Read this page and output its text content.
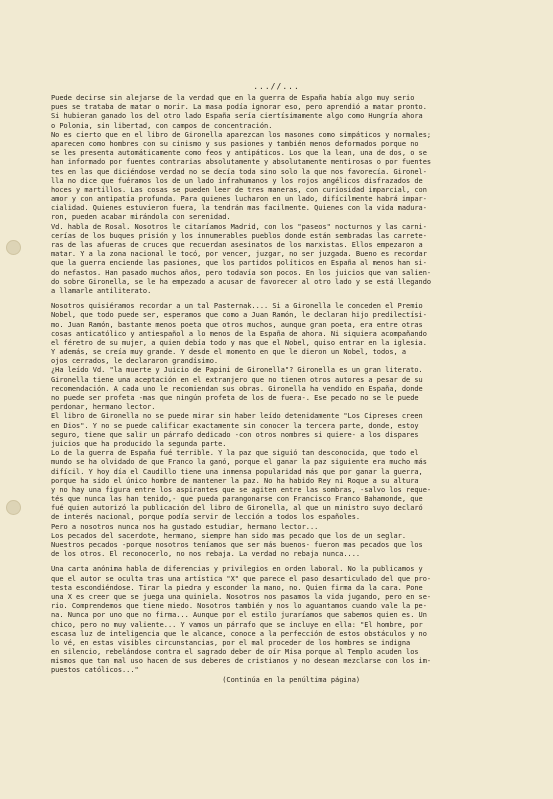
...//...
Puede decirse sin alejarse de la verdad que en la guerra de España había algo muy serio
pues se trataba de matar o morir. La masa podía ignorar eso, pero aprendió a matar pronto.
Si hubieran ganado los del otro lado España sería ciertísimamente algo como Hungría ahora
o Polonia, sin libertad, con campos de concentración.
No es cierto que en el libro de Gironella aparezcan los masones como simpáticos y normales;
aparecen como hombres con su cinismo y sus pasiones y también menos deformados porque no
se les presenta automáticamente como feos y antipáticos. Los que la lean, una de dos, o se
han informado por fuentes contrarias absolutamente y absolutamente mentirosas o por fuentes
tes en las que diciéndose verdad no se decía toda sino solo la que nos favorecía. Gironel-
lla no dice que fuéramos los de un lado infrahumanos y los rojos angélicos disfrazados de
hoces y martillos. Las cosas se pueden leer de tres maneras, con curiosidad imparcial, con
amor y con antipatía profunda. Para quienes lucharon en un lado, difícilmente habrá impar-
cialidad. Quienes estuvieron fuera, la tendrán mas facilmente. Quienes con la vida madura-
ron, pueden acabar mirándola con serenidad.
Vd. habla de Rosal. Nosotros le citaríamos Madrid, con los "paseos" nocturnos y las carni-
cerías de los buques prisión y los innumerables pueblos donde están sembradas las carrete-
ras de las afueras de cruces que recuerdan asesinatos de los marxistas. Ellos empezaron a
matar. Y a la zona nacional le tocó, por vencer, juzgar, no ser juzgada. Bueno es recordar
que la guerra enciende las pasiones, que los partidos políticos en España al menos han si-
do nefastos. Han pasado muchos años, pero todavía son pocos. En los juicios que van salien-
do sobre Gironella, se le ha empezado a acusar de favorecer al otro lado y se está llegando
a llamarle antiliterato.
Nosotros quisiéramos recordar a un tal Pasternak.... Si a Gironella le conceden el Premio
Nobel, que todo puede ser, esperamos que como a Juan Ramón, le declaran hijo predilectísi-
mo. Juan Ramón, bastante menos poeta que otros muchos, aunque gran poeta, era entre otras
cosas anticatólico y antiespañol a lo menos de la España de ahora. Ni siquiera acompañando
el féretro de su mujer, a quien debía todo y mas que el Nobel, quiso entrar en la iglesia.
Y además, se creía muy grande. Y desde el momento en que le dieron un Nobel, todos, a
ojos cerrados, le declararon grandísimo.
¿Ha leído Vd. "la muerte y Juicio de Papini de Gironella"? Gironella es un gran literato.
Gironella tiene una aceptación en el extranjero que no tienen otros autores a pesar de su
recomendación. A cada uno le recomiendan sus obras. Gironella ha vendido en España, donde
no puede ser profeta -mas que ningún profeta de los de fuera-. Ese pecado no se le puede
perdonar, hermano lector.
El libro de Gironella no se puede mirar sin haber leído detenidamente "Los Cipreses creen
en Dios". Y no se puede calificar exactamente sin conocer la tercera parte, donde, estoy
seguro, tiene que salir un párrafo dedicado -con otros nombres si quiere- a los dispares
juicios que ha producido la segunda parte.
Lo de la guerra de España fué terrible. Y la paz que siguió tan desconocida, que todo el
mundo se ha olvidado de que Franco la ganó, porque el ganar la paz siguiente era mucho más
difícil. Y hoy día el Caudillo tiene una inmensa popularidad más que por ganar la guerra,
porque ha sido el único hombre de mantener la paz. No ha habido Rey ni Roque a su altura
y no hay una figura entre los aspirantes que se agiten entre las sombras, -salvo los reque-
tés que nunca las han tenido,- que pueda parangonarse con Francisco Franco Bahamonde, que
fué quien autorizó la publicación del libro de Gironella, al que un ministro suyo declaró
de interés nacional, porque podía servir de lección a todos los españoles.
Pero a nosotros nunca nos ha gustado estudiar, hermano lector...
Los pecados del sacerdote, hermano, siempre han sido mas pecado que los de un seglar.
Nuestros pecados -porque nosotros teníamos que ser más buenos- fueron mas pecados que los
de los otros. El reconocerlo, no nos rebaja. La verdad no rebaja nunca....
Una carta anónima habla de diferencias y privilegios en orden laboral. No la publicamos y
que el autor se oculta tras una artística "X" que parece el paso desarticulado del que pro-
testa escondiéndose. Tirar la piedra y esconder la mano, no. Quien firma da la cara. Pone
una X es creer que se juega una quiniela. Nosotros nos pasamos la vida jugando, pero en se-
rio. Comprendemos que tiene miedo. Nosotros también y nos lo aguantamos cuando vale la pe-
na. Nunca por uno que no firma... Aunque por el estilo juraríamos que sabemos quien es. Un
chico, pero no muy valiente... Y vamos un párrafo que se incluye en ella: "El hombre, por
escasa luz de inteligencia que le alcance, conoce a la perfección de estos obstáculos y no
lo vé, en estas visibles circunstancias, por el mal proceder de los hombres se indigna
en silencio, rebelándose contra el sagrado deber de oír Misa porque al Templo acuden los
mismos que tan mal uso hacen de sus deberes de cristianos y no desean mezclarse con los im-
puestos católicos..."
(Continúa en la penúltima página)
